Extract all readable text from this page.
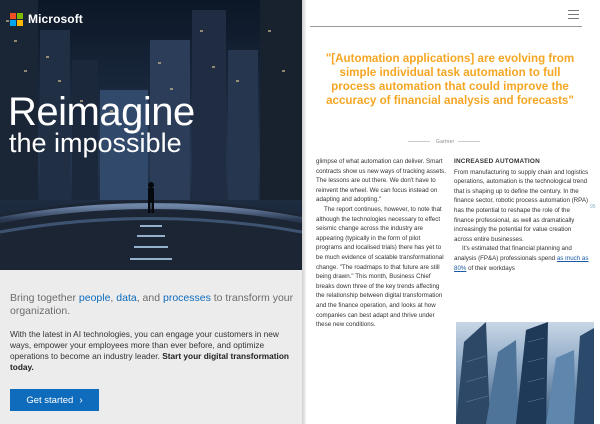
Microsoft
Reimagine
the impossible
Bring together people, data, and processes to transform your organization.
With the latest in AI technologies, you can engage your customers in new ways, empower your employees more than ever before, and optimize operations to become an industry leader. Start your digital transformation today.
Get started ›
"[Automation applications] are evolving from simple individual task automation to full process automation that could improve the accuracy of financial analysis and forecasts"
Gartner

glimpse of what automation can deliver. Smart contracts show us new ways of tracking assets. The lessons are out there. We don't have to reinvent the wheel. We can focus instead on adapting and adopting."

The report continues, however, to note that although the technologies necessary to effect seismic change across the industry are appearing (typically in the form of pilot programs and localised trials) there has yet to be much evidence of scalable transformational change. "The roadmaps to that future are still being drawn." This month, Business Chief breaks down three of the key trends affecting the relationship between digital transformation and the finance operation, and looks at how companies can best adapt and thrive under these new conditions.

INCREASED AUTOMATION

From manufacturing to supply chain and logistics operations, automation is the technological trend that is shaping up to define the century. In the finance sector, robotic process automation (RPA) has the potential to reshape the role of the finance professional, as well as dramatically increasingly the potential for value creation across entire businesses.

It's estimated that financial planning and analysis (FP&A) professionals spend as much as 80% of their workdays

95
